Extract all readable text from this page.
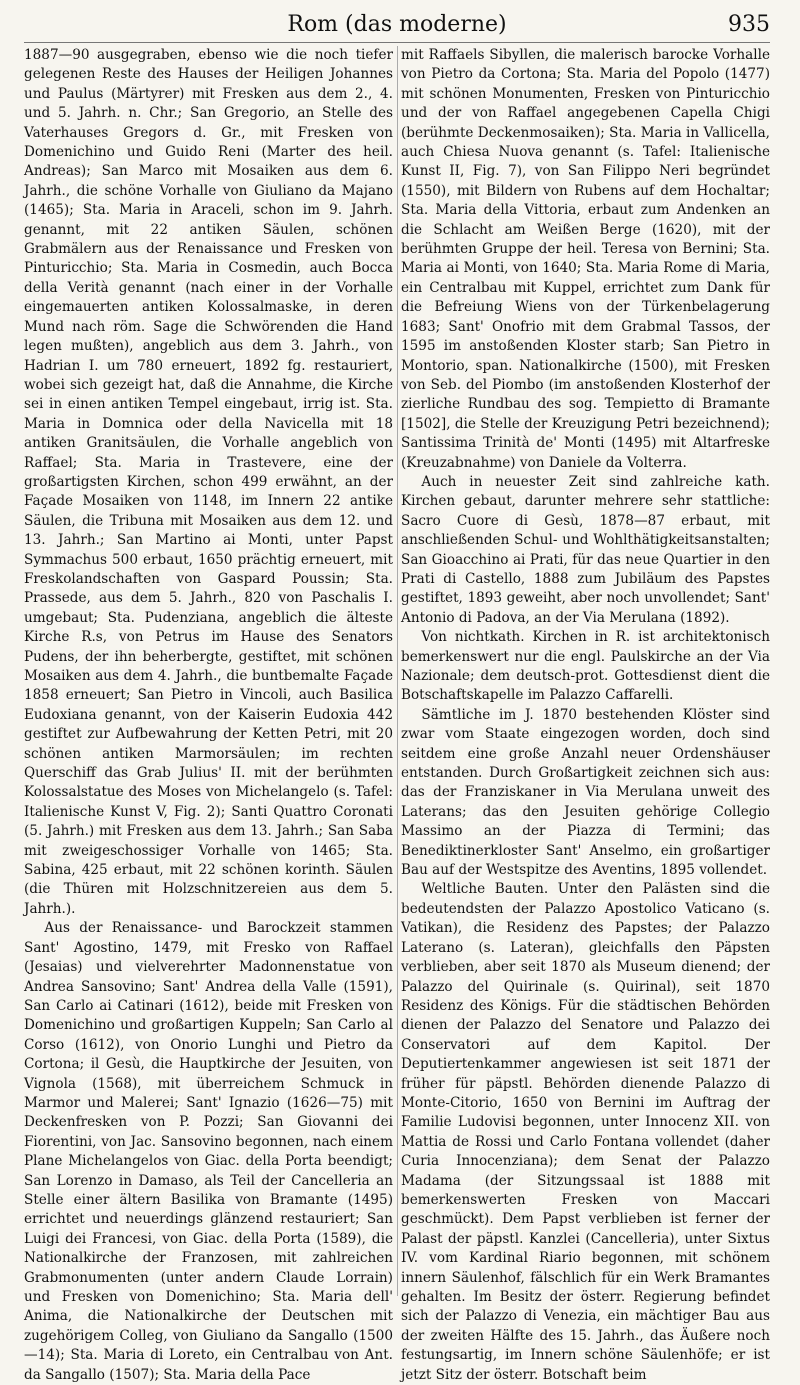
Rom (das moderne)	935

1887—90 ausgegraben, ebenso wie die noch tiefer gelegenen Reste des Hauses der Heiligen Johannes und Paulus (Märtyrer) mit Fresken aus dem 2., 4. und 5. Jahrh. n. Chr.; San Gregorio, an Stelle des Vaterhauses Gregors d. Gr., mit Fresken von Domenichino und Guido Reni (Marter des heil. Andreas); San Marco mit Mosaiken aus dem 6. Jahrh., die schöne Vorhalle von Giuliano da Majano (1465); Sta. Maria in Araceli, schon im 9. Jahrh. genannt, mit 22 antiken Säulen, schönen Grabmälern aus der Renaissance und Fresken von Pinturicchio; Sta. Maria in Cosmedin, auch Bocca della Verità genannt (nach einer in der Vorhalle eingemauerten antiken Kolossalmaske, in deren Mund nach röm. Sage die Schwörenden die Hand legen mußten), angeblich aus dem 3. Jahrh., von Hadrian I. um 780 erneuert, 1892 fg. restauriert, wobei sich gezeigt hat, daß die Annahme, die Kirche sei in einen antiken Tempel eingebaut, irrig ist. Sta. Maria in Domnica oder della Navicella mit 18 antiken Granitsäulen, die Vorhalle angeblich von Raffael; Sta. Maria in Trastevere, eine der großartigsten Kirchen, schon 499 erwähnt, an der Façade Mosaiken von 1148, im Innern 22 antike Säulen, die Tribuna mit Mosaiken aus dem 12. und 13. Jahrh.; San Martino ai Monti, unter Papst Symmachus 500 erbaut, 1650 prächtig erneuert, mit Freskolandschaften von Gaspard Poussin; Sta. Prassede, aus dem 5. Jahrh., 820 von Paschalis I. umgebaut; Sta. Pudenziana, angeblich die älteste Kirche R.s, von Petrus im Hause des Senators Pudens, der ihn beherbergte, gestiftet, mit schönen Mosaiken aus dem 4. Jahrh., die buntbemalte Façade 1858 erneuert; San Pietro in Vincoli, auch Basilica Eudoxiana genannt, von der Kaiserin Eudoxia 442 gestiftet zur Aufbewahrung der Ketten Petri, mit 20 schönen antiken Marmorsäulen; im rechten Querschiff das Grab Julius' II. mit der berühmten Kolossalstatue des Moses von Michelangelo (s. Tafel: Italienische Kunst V, Fig. 2); Santi Quattro Coronati (5. Jahrh.) mit Fresken aus dem 13. Jahrh.; San Saba mit zweigeschossiger Vorhalle von 1465; Sta. Sabina, 425 erbaut, mit 22 schönen korinth. Säulen (die Thüren mit Holzschnitzereien aus dem 5. Jahrh.).

Aus der Renaissance- und Barockzeit stammen Sant' Agostino, 1479, mit Fresko von Raffael (Jesaias) und vielverehrter Madonnenstatue von Andrea Sansovino; Sant' Andrea della Valle (1591), San Carlo ai Catinari (1612), beide mit Fresken von Domenichino und großartigen Kuppeln; San Carlo al Corso (1612), von Onorio Lunghi und Pietro da Cortona; il Gesù, die Hauptkirche der Jesuiten, von Vignola (1568), mit überreichem Schmuck in Marmor und Malerei; Sant' Ignazio (1626—75) mit Deckenfresken von P. Pozzi; San Giovanni dei Fiorentini, von Jac. Sansovino begonnen, nach einem Plane Michelangelos von Giac. della Porta beendigt; San Lorenzo in Damaso, als Teil der Cancelleria an Stelle einer ältern Basilika von Bramante (1495) errichtet und neuerdings glänzend restauriert; San Luigi dei Francesi, von Giac. della Porta (1589), die Nationalkirche der Franzosen, mit zahlreichen Grabmonumenten (unter andern Claude Lorrain) und Fresken von Domenichino; Sta. Maria dell' Anima, die Nationalkirche der Deutschen mit zugehörigem Colleg, von Giuliano da Sangallo (1500—14); Sta. Maria di Loreto, ein Centralbau von Ant. da Sangallo (1507); Sta. Maria della Pace

mit Raffaels Sibyllen, die malerisch barocke Vorhalle von Pietro da Cortona; Sta. Maria del Popolo (1477) mit schönen Monumenten, Fresken von Pinturicchio und der von Raffael angegebenen Capella Chigi (berühmte Deckenmosaiken); Sta. Maria in Vallicella, auch Chiesa Nuova genannt (s. Tafel: Italienische Kunst II, Fig. 7), von San Filippo Neri begründet (1550), mit Bildern von Rubens auf dem Hochaltar; Sta. Maria della Vittoria, erbaut zum Andenken an die Schlacht am Weißen Berge (1620), mit der berühmten Gruppe der heil. Teresa von Bernini; Sta. Maria ai Monti, von 1640; Sta. Maria Rome di Maria, ein Centralbau mit Kuppel, errichtet zum Dank für die Befreiung Wiens von der Türkenbelagerung 1683; Sant' Onofrio mit dem Grabmal Tassos, der 1595 im anstoßenden Kloster starb; San Pietro in Montorio, span. Nationalkirche (1500), mit Fresken von Seb. del Piombo (im anstoßenden Klosterhof der zierliche Rundbau des sog. Tempietto di Bramante [1502], die Stelle der Kreuzigung Petri bezeichnend); Santissima Trinità de' Monti (1495) mit Altarfreske (Kreuzabnahme) von Daniele da Volterra.

Auch in neuester Zeit sind zahlreiche kath. Kirchen gebaut, darunter mehrere sehr stattliche: Sacro Cuore di Gesù, 1878—87 erbaut, mit anschließenden Schul- und Wohlthätigkeitsanstalten; San Gioacchino ai Prati, für das neue Quartier in den Prati di Castello, 1888 zum Jubiläum des Papstes gestiftet, 1893 geweiht, aber noch unvollendet; Sant' Antonio di Padova, an der Via Merulana (1892).

Von nichtkath. Kirchen in R. ist architektonisch bemerkenswert nur die engl. Paulskirche an der Via Nazionale; dem deutsch-prot. Gottesdienst dient die Botschaftskapelle im Palazzo Caffarelli.

Sämtliche im J. 1870 bestehenden Klöster sind zwar vom Staate eingezogen worden, doch sind seitdem eine große Anzahl neuer Ordenshäuser entstanden. Durch Großartigkeit zeichnen sich aus: das der Franziskaner in Via Merulana unweit des Laterans; das den Jesuiten gehörige Collegio Massimo an der Piazza di Termini; das Benediktinerkloster Sant' Anselmo, ein großartiger Bau auf der Westspitze des Aventins, 1895 vollendet.

Weltliche Bauten. Unter den Palästen sind die bedeutendsten der Palazzo Apostolico Vaticano (s. Vatikan), die Residenz des Papstes; der Palazzo Laterano (s. Lateran), gleichfalls den Päpsten verblieben, aber seit 1870 als Museum dienend; der Palazzo del Quirinale (s. Quirinal), seit 1870 Residenz des Königs. Für die städtischen Behörden dienen der Palazzo del Senatore und Palazzo dei Conservatori auf dem Kapitol. Der Deputiertenkammer angewiesen ist seit 1871 der früher für päpstl. Behörden dienende Palazzo di Monte-Citorio, 1650 von Bernini im Auftrag der Familie Ludovisi begonnen, unter Innocenz XII. von Mattia de Rossi und Carlo Fontana vollendet (daher Curia Innocenziana); dem Senat der Palazzo Madama (der Sitzungssaal ist 1888 mit bemerkenswerten Fresken von Maccari geschmückt). Dem Papst verblieben ist ferner der Palast der päpstl. Kanzlei (Cancelleria), unter Sixtus IV. vom Kardinal Riario begonnen, mit schönem innern Säulenhof, fälschlich für ein Werk Bramantes gehalten. Im Besitz der österr. Regierung befindet sich der Palazzo di Venezia, ein mächtiger Bau aus der zweiten Hälfte des 15. Jahrh., das Äußere noch festungsartig, im Innern schöne Säulenhöfe; er ist jetzt Sitz der österr. Botschaft beim
